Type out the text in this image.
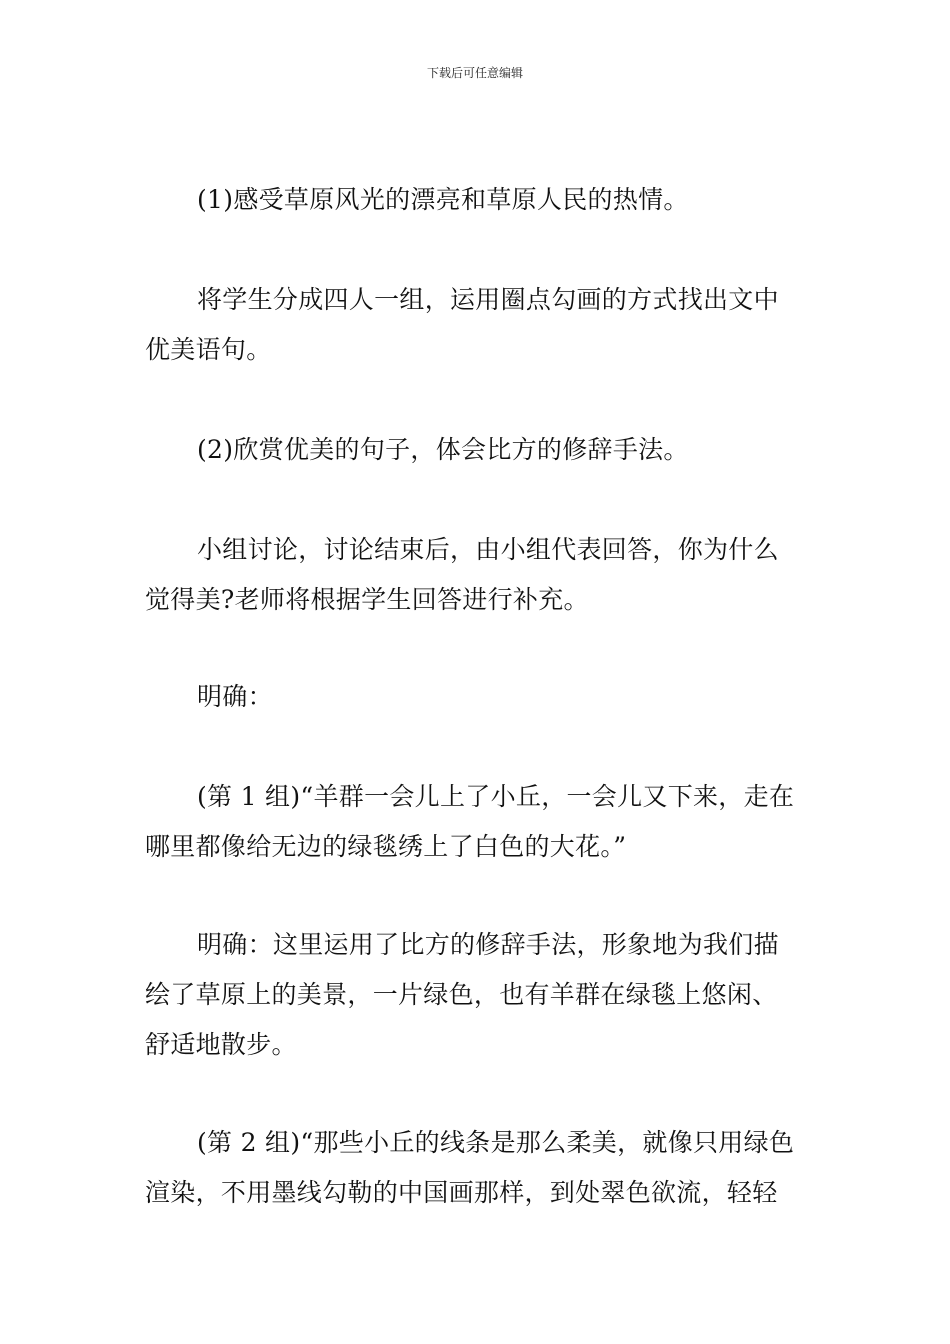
下载后可任意编辑

(1)感受草原风光的漂亮和草原人民的热情。

将学生分成四人一组，运用圈点勾画的方式找出文中
优美语句。

(2)欣赏优美的句子，体会比方的修辞手法。

小组讨论，讨论结束后，由小组代表回答，你为什么
觉得美?老师将根据学生回答进行补充。

明确：

(第 1 组)“羊群一会儿上了小丘，一会儿又下来，走在
哪里都像给无边的绿毯绣上了白色的大花。”

明确：这里运用了比方的修辞手法，形象地为我们描
绘了草原上的美景，一片绿色，也有羊群在绿毯上悠闲、
舒适地散步。

(第 2 组)“那些小丘的线条是那么柔美，就像只用绿色
渲染，不用墨线勾勒的中国画那样，到处翠色欲流，轻轻
